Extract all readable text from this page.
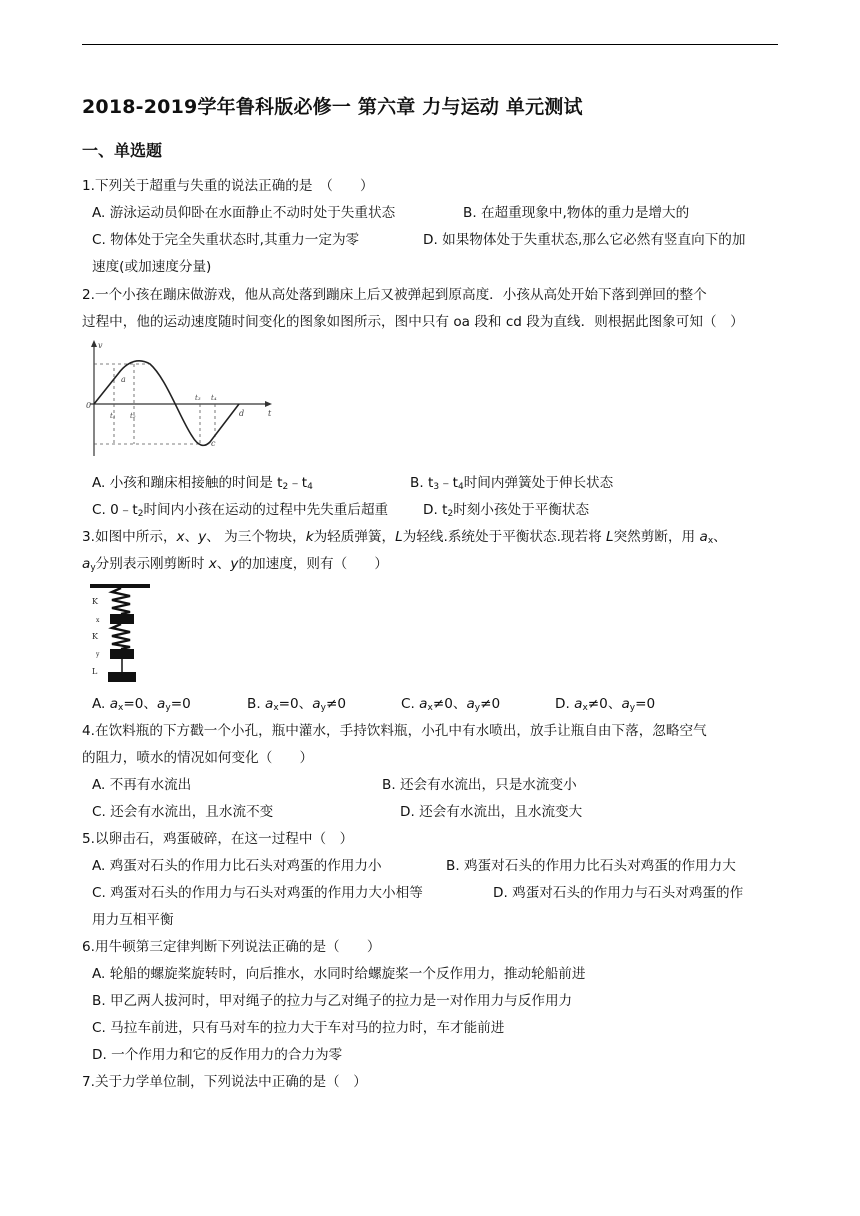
2018-2019学年鲁科版必修一 第六章 力与运动 单元测试
一、单选题
1.下列关于超重与失重的说法正确的是　（　　）
A. 游泳运动员仰卧在水面静止不动时处于失重状态	B. 在超重现象中,物体的重力是增大的
C. 物体处于完全失重状态时,其重力一定为零	D. 如果物体处于失重状态,那么它必然有竖直向下的加
速度(或加速度分量)
2.一个小孩在蹦床做游戏，他从高处落到蹦床上后又被弹起到原高度．小孩从高处开始下落到弹回的整个
过程中，他的运动速度随时间变化的图象如图所示，图中只有 oa 段和 cd 段为直线．则根据此图象可知（　）
v
0
a
c
d	t
t₁ t₂
t₃ t₄
A. 小孩和蹦床相接触的时间是 $t_2﹣t_4$	B. $t_3﹣t_4$时间内弹簧处于伸长状态
C. $0﹣t_2$时间内小孩在运动的过程中先失重后超重	D. $t_2$时刻小孩处于平衡状态
3.如图中所示，x、y、 为三个物块，k为轻质弹簧，L为轻线.系统处于平衡状态.现若将 L突然剪断，用 $a_x$、
$a_y$分别表示刚剪断时 x、y的加速度，则有（　　）
K
x
K
y
L
A. $a_x=0$、$a_y=0$	B. $a_x=0$、$a_y\ne 0$	C. $a_x\ne 0$、$a_y\ne 0$	D. $a_x\ne 0$、$a_y=0$
4.在饮料瓶的下方戳一个小孔，瓶中灌水，手持饮料瓶，小孔中有水喷出，放手让瓶自由下落，忽略空气
的阻力，喷水的情况如何变化（　　）
A. 不再有水流出	B. 还会有水流出，只是水流变小
C. 还会有水流出，且水流不变	D. 还会有水流出，且水流变大
5.以卵击石，鸡蛋破碎，在这一过程中（　）
A. 鸡蛋对石头的作用力比石头对鸡蛋的作用力小	B. 鸡蛋对石头的作用力比石头对鸡蛋的作用力大
C. 鸡蛋对石头的作用力与石头对鸡蛋的作用力大小相等	D. 鸡蛋对石头的作用力与石头对鸡蛋的作
用力互相平衡
6.用牛顿第三定律判断下列说法正确的是（　　）
A. 轮船的螺旋桨旋转时，向后推水，水同时给螺旋桨一个反作用力，推动轮船前进
B. 甲乙两人拔河时，甲对绳子的拉力与乙对绳子的拉力是一对作用力与反作用力
C. 马拉车前进，只有马对车的拉力大于车对马的拉力时，车才能前进
D. 一个作用力和它的反作用力的合力为零
7.关于力学单位制，下列说法中正确的是（　）
